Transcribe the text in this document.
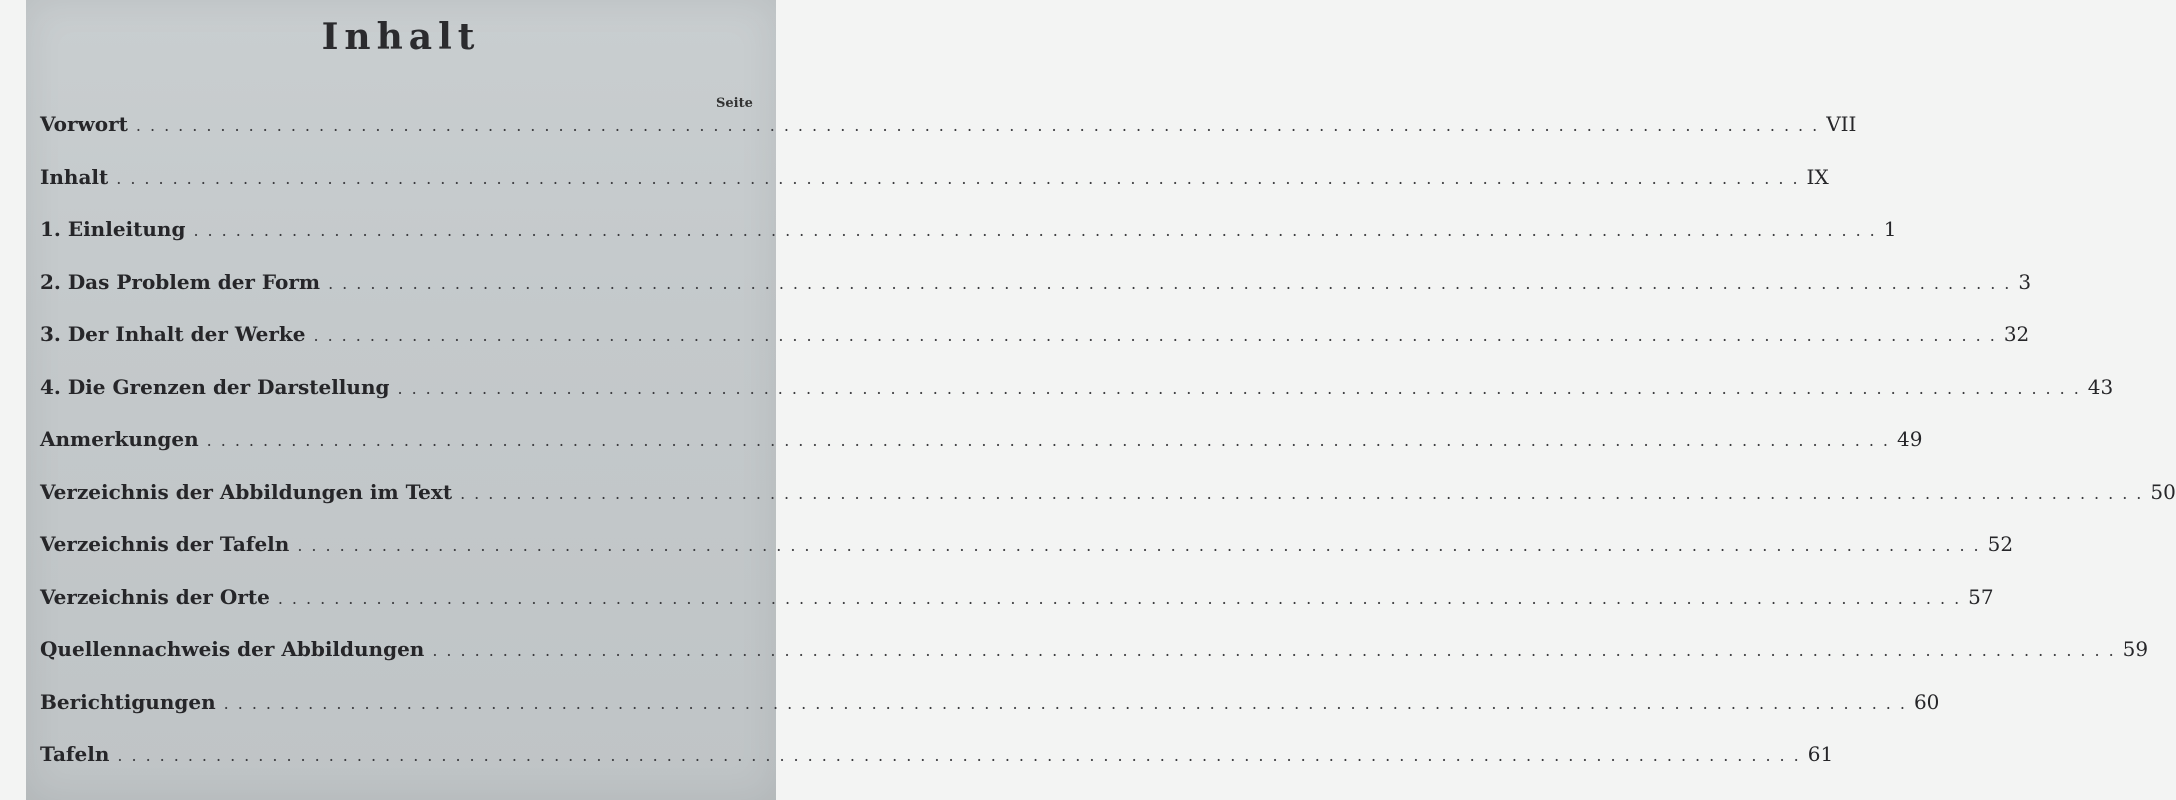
Inhalt
Seite
Vorwort ........................................................................................................................ VII
Inhalt ........................................................................................................................ IX
1. Einleitung ........................................................................................................................ 1
2. Das Problem der Form ........................................................................................................................ 3
3. Der Inhalt der Werke ........................................................................................................................ 32
4. Die Grenzen der Darstellung ........................................................................................................................ 43
Anmerkungen ........................................................................................................................ 49
Verzeichnis der Abbildungen im Text ........................................................................................................................ 50
Verzeichnis der Tafeln ........................................................................................................................ 52
Verzeichnis der Orte ........................................................................................................................ 57
Quellennachweis der Abbildungen ........................................................................................................................ 59
Berichtigungen ........................................................................................................................ 60
Tafeln ........................................................................................................................ 61
